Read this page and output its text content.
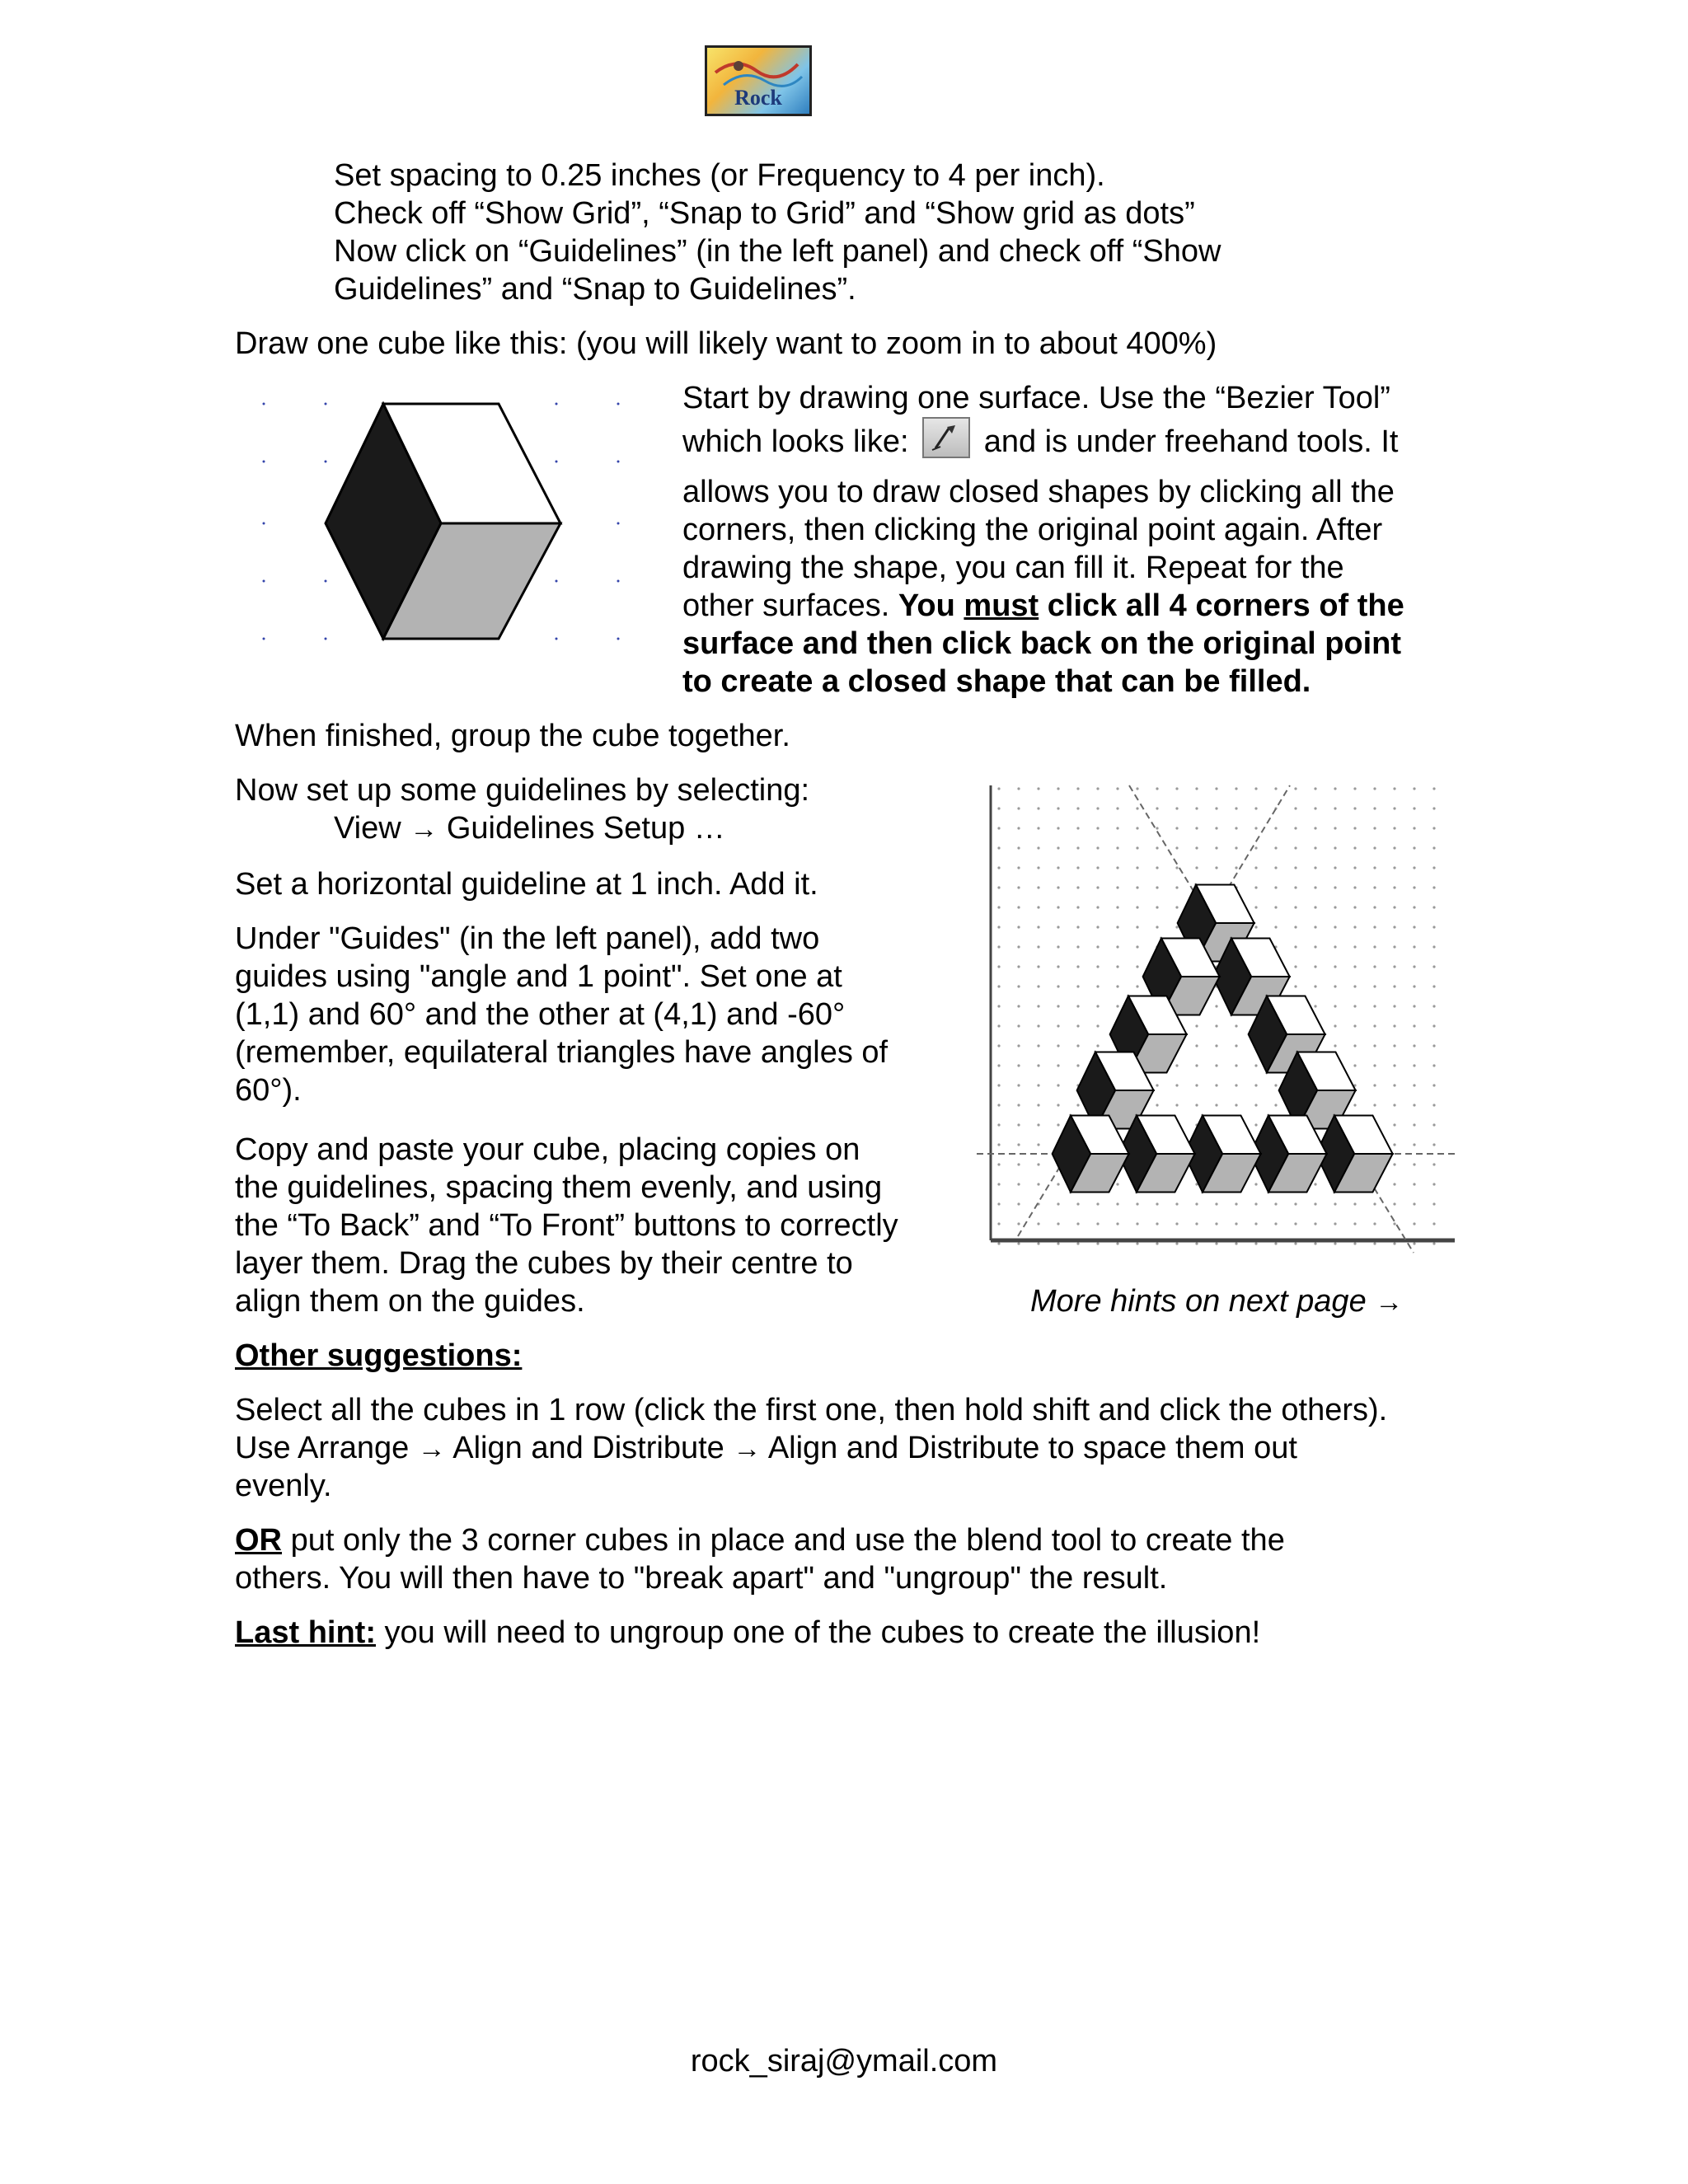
Rock
Set spacing to 0.25 inches (or Frequency to 4 per inch).
Check off “Show Grid”, “Snap to Grid” and “Show grid as dots”
Now click on “Guidelines” (in the left panel) and check off “Show
Guidelines” and “Snap to Guidelines”.
Draw one cube like this: (you will likely want to zoom in to about 400%)
Start by drawing one surface. Use the “Bezier Tool”
which looks like: and is under freehand tools. It
allows you to draw closed shapes by clicking all the
corners, then clicking the original point again. After
drawing the shape, you can fill it. Repeat for the
other surfaces. You must click all 4 corners of the
surface and then click back on the original point
to create a closed shape that can be filled.
When finished, group the cube together.
Now set up some guidelines by selecting:
View → Guidelines Setup …
Set a horizontal guideline at 1 inch. Add it.
Under "Guides" (in the left panel), add two
guides using "angle and 1 point". Set one at
(1,1) and 60° and the other at (4,1) and -60°
(remember, equilateral triangles have angles of
60°).
Copy and paste your cube, placing copies on
the guidelines, spacing them evenly, and using
the “To Back” and “To Front” buttons to correctly
layer them. Drag the cubes by their centre to
align them on the guides.	More hints on next page →
Other suggestions:
Select all the cubes in 1 row (click the first one, then hold shift and click the others).
Use Arrange → Align and Distribute → Align and Distribute to space them out
evenly.
OR put only the 3 corner cubes in place and use the blend tool to create the
others. You will then have to "break apart" and "ungroup" the result.
Last hint: you will need to ungroup one of the cubes to create the illusion!
rock_siraj@ymail.com
